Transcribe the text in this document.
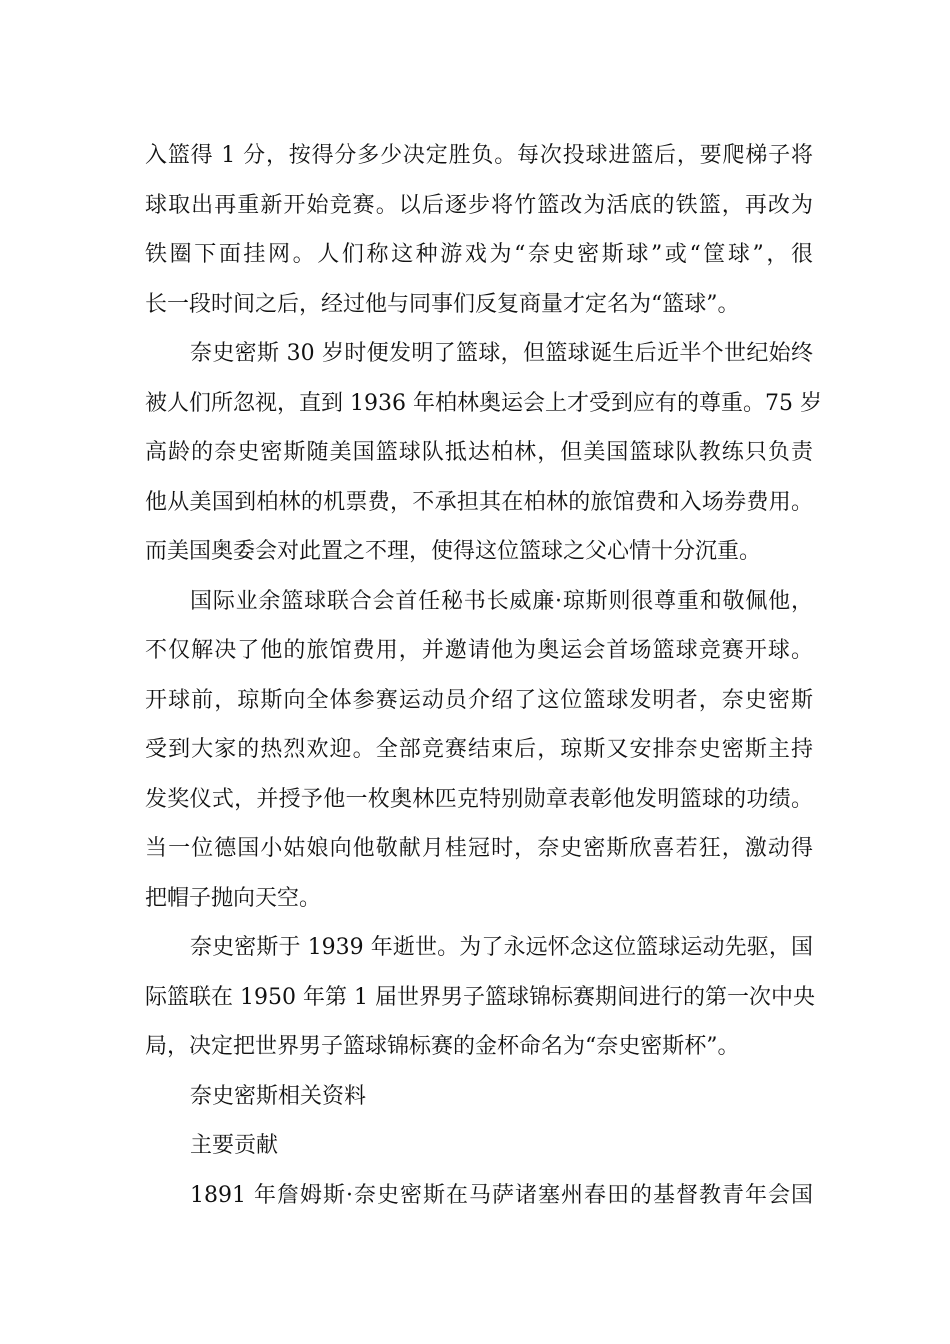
入篮得 1 分，按得分多少决定胜负。每次投球进篮后，要爬梯子将
球取出再重新开始竞赛。以后逐步将竹篮改为活底的铁篮，再改为
铁圈下面挂网。人们称这种游戏为“奈史密斯球”或“筐球”，很
长一段时间之后，经过他与同事们反复商量才定名为“篮球”。
奈史密斯 30 岁时便发明了篮球，但篮球诞生后近半个世纪始终
被人们所忽视，直到 1936 年柏林奥运会上才受到应有的尊重。75 岁
高龄的奈史密斯随美国篮球队抵达柏林，但美国篮球队教练只负责
他从美国到柏林的机票费，不承担其在柏林的旅馆费和入场券费用。
而美国奥委会对此置之不理，使得这位篮球之父心情十分沉重。
国际业余篮球联合会首任秘书长威廉·琼斯则很尊重和敬佩他，
不仅解决了他的旅馆费用，并邀请他为奥运会首场篮球竞赛开球。
开球前，琼斯向全体参赛运动员介绍了这位篮球发明者，奈史密斯
受到大家的热烈欢迎。全部竞赛结束后，琼斯又安排奈史密斯主持
发奖仪式，并授予他一枚奥林匹克特别勋章表彰他发明篮球的功绩。
当一位德国小姑娘向他敬献月桂冠时，奈史密斯欣喜若狂，激动得
把帽子抛向天空。
奈史密斯于 1939 年逝世。为了永远怀念这位篮球运动先驱，国
际篮联在 1950 年第 1 届世界男子篮球锦标赛期间进行的第一次中央
局，决定把世界男子篮球锦标赛的金杯命名为“奈史密斯杯”。
奈史密斯相关资料
主要贡献
1891 年詹姆斯·奈史密斯在马萨诸塞州春田的基督教青年会国
